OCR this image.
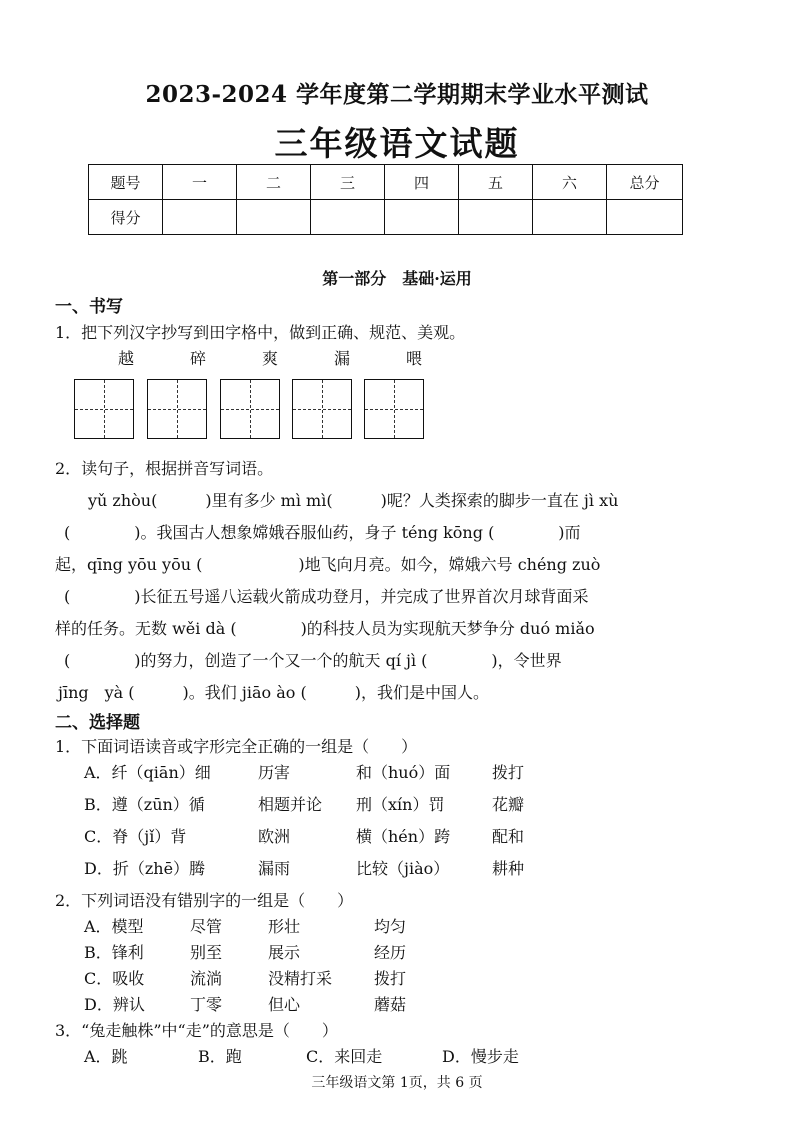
2023-2024 学年度第二学期期末学业水平测试
三年级语文试题
题号	一	二	三	四	五	六	总分
得分							
第一部分　基础·运用
一、书写
1．把下列汉字抄写到田字格中，做到正确、规范、美观。
越	碎	爽	漏	喂
2．读句子，根据拼音写词语。
yǔ zhòu(　　　)里有多少 mì mì(　　　)呢？人类探索的脚步一直在 jì xù
(　　　　)。我国古人想象嫦娥吞服仙药，身子 téng kōng (　　　　)而
起，qīng yōu yōu (　　　　　　)地飞向月亮。如今，嫦娥六号 chéng zuò
(　　　　)长征五号遥八运载火箭成功登月，并完成了世界首次月球背面采
样的任务。无数 wěi dà (　　　　)的科技人员为实现航天梦争分 duó miǎo
(　　　　)的努力，创造了一个又一个的航天 qí jì (　　　　)，令世界
jīng　yà (　　　)。我们 jiāo ào (　　　)，我们是中国人。
二、选择题
1．下面词语读音或字形完全正确的一组是（　　）
A．纤（qiān）细	历害	和（huó）面	拨打
B．遵（zūn）循	相题并论 刑（xín）罚	花瓣
C．脊（jǐ）背	欧洲	横（hén）跨	配和
D．折（zhē）腾	漏雨	比较（jiào）	耕种
2．下列词语没有错别字的一组是（　　）
A．模型	尽管	形壮	均匀
B．锋利	别至	展示	经历
C．吸收	流淌	没精打采	拨打
D．辨认	丁零	但心	蘑菇
3．“兔走触株”中“走”的意思是（　　）
A．跳	B．跑	C．来回走	D．慢步走
三年级语文第 1页，共 6 页
